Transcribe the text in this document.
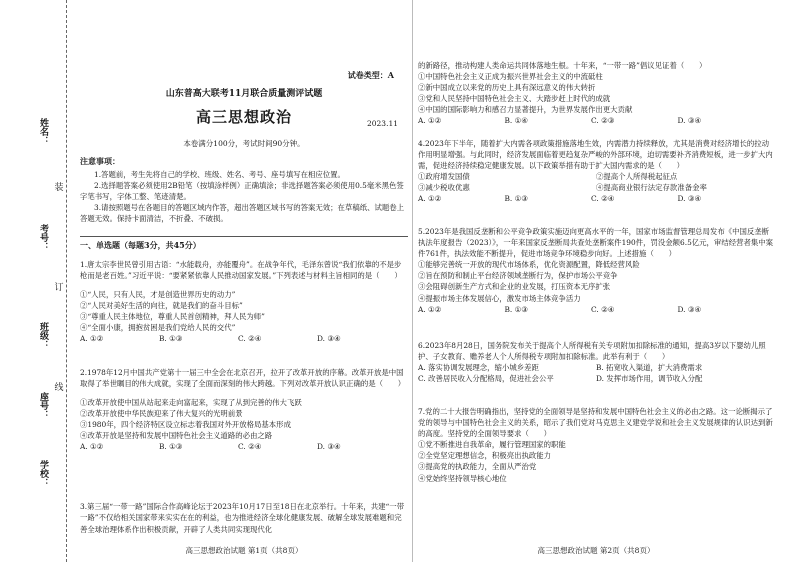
学校：
姓名：
班级：
考号：
座号：
装
订
线
试卷类型：A
山东普高大联考11月联合质量测评试题
高三思想政治	2023.11
本卷满分100分，考试时间90分钟。
注意事项：

1.答题前，考生先将自己的学校、班级、姓名、考号、座号填写在相应位置。

2.选择题答案必须使用2B铅笔（按填涂样例）正确填涂；非选择题答案必须使用0.5毫米黑色签字笔书写，字体工整、笔迹清楚。

3.请按照题号在各题目的答题区域内作答，超出答题区域书写的答案无效；在草稿纸、试题卷上答题无效。保持卡面清洁，不折叠、不破损。

一、单选题（每题3分，共45分）

1.唐太宗李世民曾引用古语：“水能载舟，亦能覆舟”。在战争年代，毛泽东曾说“我们依靠的不是步枪而是老百姓。”习近平说：“要紧紧依靠人民推动国家发展。”下列表述与材料主旨相同的是（　　）

①“人民，只有人民，才是创造世界历史的动力”

②“人民对美好生活的向往，就是我们的奋斗目标”

③“尊重人民主体地位，尊重人民首创精神，拜人民为师”

④“全面小康，拥抱贫困是我们党给人民的交代”

A. ①②	B. ①③	C. ②④	D. ③④

2.1978年12月中国共产党第十一届三中全会在北京召开，拉开了改革开放的序幕。改革开放是中国取得了举世瞩目的伟大成就，实现了全面而深刻的伟大跨越。下列对改革开放认识正确的是（　　）

①改革开放使中国从站起来走向富起来，实现了从到完善的伟大飞跃

②改革开放使中华民族迎来了伟大复兴的光明前景

③1980年，四个经济特区设立标志着我国对外开放格局基本形成

④改革开放是坚持和发展中国特色社会主义道路的必由之路

A. ①②	B. ①③	C. ②④	D. ③④

3.第三届“一带一路”国际合作高峰论坛于2023年10月17日至18日在北京举行。十年来，共建“一带一路”不仅给相关国家带来实实在在的利益，也为推进经济全球化健康发展、破解全球发展难题和完善全球治理体系作出积极贡献，开辟了人类共同实现现代化

高三思想政治试题 第1页（共8页）

的新路径，推动构建人类命运共同体落地生根。十年来，“一带一路”倡议见证着（　　）

①中国特色社会主义正成为振兴世界社会主义的中流砥柱

②新中国成立以来党的历史上具有深远意义的伟大转折

③党和人民坚持中国特色社会主义、大踏步赶上时代的成就

④中国的国际影响力和感召力显著提升，为世界发展作出更大贡献

A. ①②	B. ①④	C. ②③	D. ③④

4.2023年下半年，随着扩大内需各项政策措施落地生效，内需潜力持续释放，尤其是消费对经济增长的拉动作用明显增强。与此同时，经济发展面临着更趋复杂严峻的外部环境，迫切需要补齐消费短板，进一步扩大内需，促进经济持续稳定健康发展。以下政策举措有助于扩大国内需求的是（　　）

①政府增发国债	②提高个人所得税起征点
③减少税收优惠	④提高商业银行法定存款准备金率
A. ①②	B. ①③	C. ②④	D. ③④

5.2023年是我国反垄断和公平竞争政策实施迈向更高水平的一年，国家市场监督管理总局发布《中国反垄断执法年度报告（2023）》，一年来国家反垄断局共查处垄断案件190件，罚没金额6.5亿元，审结经营者集中案件761件，执法效能不断提升，促进市场竞争环境稳步向好。上述措施（　　）

①能够完善统一开放的现代市场体系，优化资源配置，降低经营风险

②旨在预防和制止平台经济领域垄断行为，保护市场公平竞争

③会阻碍创新生产方式和企业的业发展，打压资本无序扩张

④提振市场主体发展信心，激发市场主体竞争活力

A. ①②	B. ①③	C. ②④	D. ③④

6.2023年8月28日，国务院发布关于提高个人所得税有关专项附加扣除标准的通知，提高3岁以下婴幼儿照护、子女教育、赡养老人个人所得税专项附加扣除标准。此举有利于（　　）

A. 落实协调发展理念，缩小城乡差距	B. 拓宽收入渠道，扩大消费需求
C. 改善居民收入分配格局，促进社会公平	D. 发挥市场作用，调节收入分配

7.党的二十大报告明确指出，坚持党的全面领导是坚持和发展中国特色社会主义的必由之路。这一论断揭示了党的领导与中国特色社会主义的关系，昭示了我们党对马克思主义建党学说和社会主义发展规律的认识达到新的高度。坚持党的全面领导要求（　　）

①党不断推进自我革命，履行管理国家的职能

②全党坚定理想信念，积极亮出执政能力

③提高党的执政能力，全面从严治党

④党始终坚持领导核心地位

高三思想政治试题 第2页（共8页）
